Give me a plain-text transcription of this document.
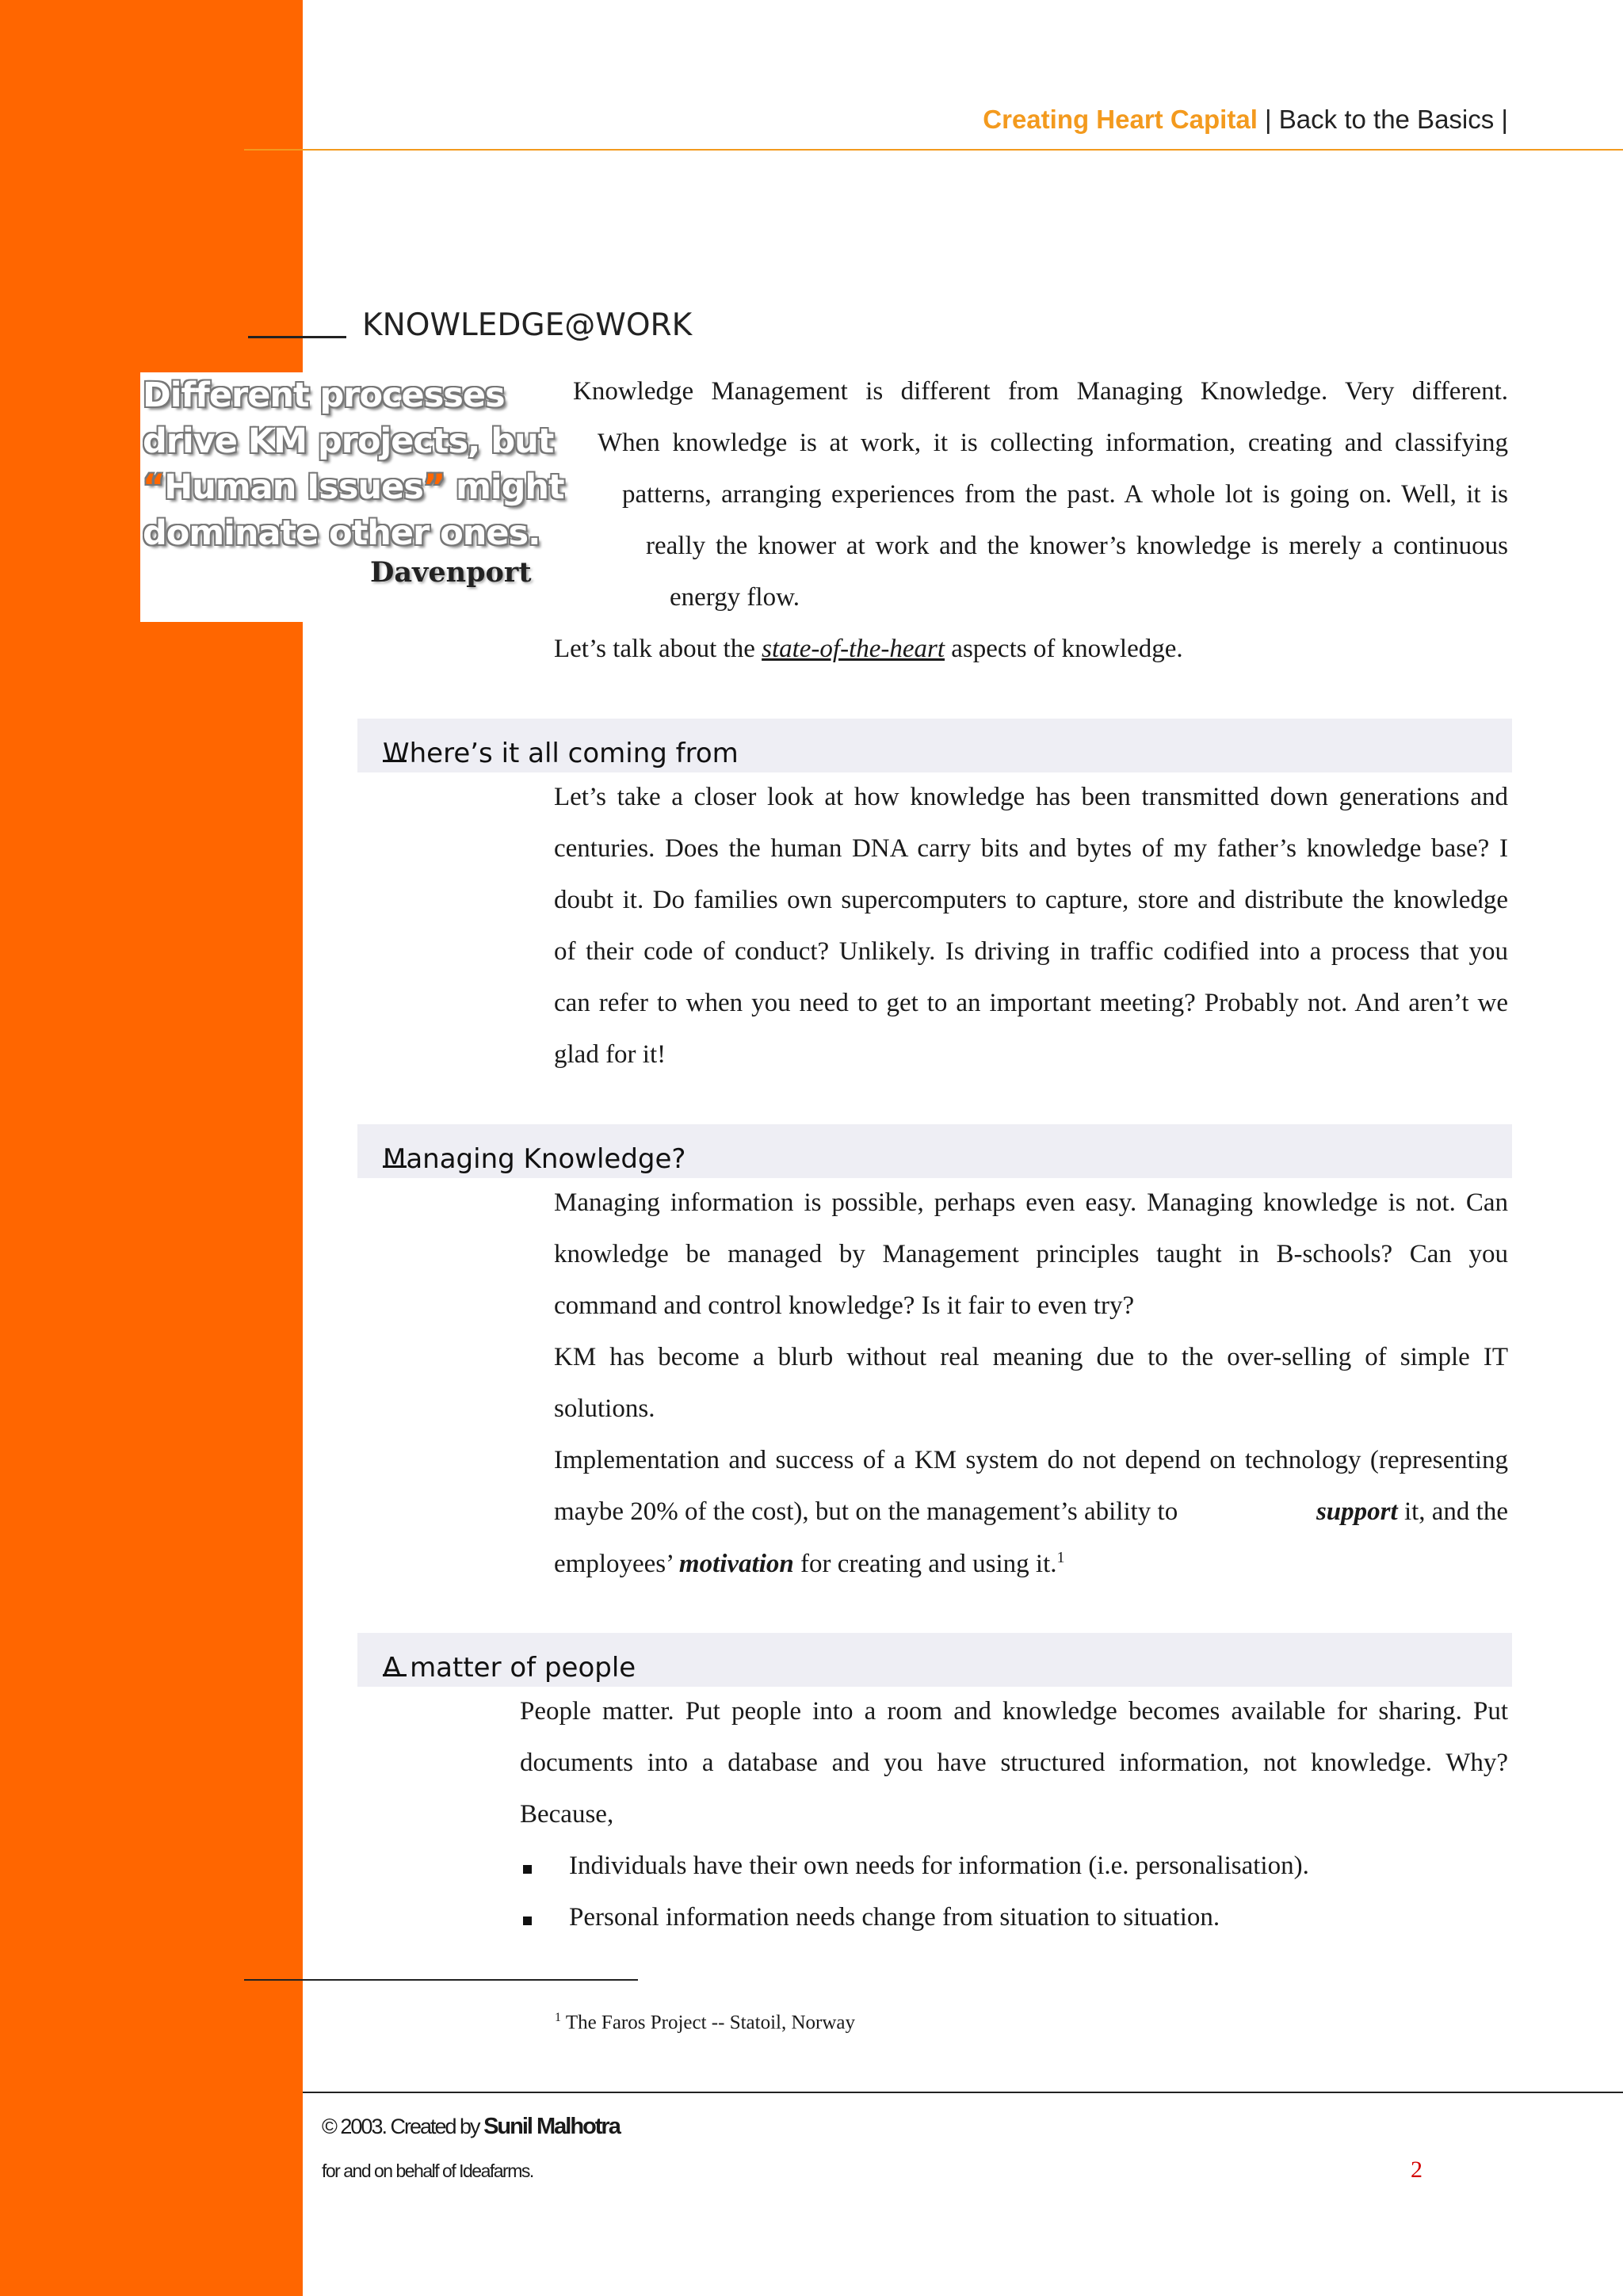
Creating Heart Capital | Back to the Basics |
KNOWLEDGE@WORK
Different processes
drive KM projects, but
“Human Issues” might
dominate other ones.
Davenport
Knowledge Management is different from Managing Knowledge. Very different.
When knowledge is at work, it is collecting information, creating and classifying
patterns, arranging experiences from the past. A whole lot is going on. Well, it is
really the knower at work and the knower’s knowledge is merely a continuous
energy flow.
Let’s talk about the state-of-the-heart aspects of knowledge.
Where’s it all coming from
Let’s take a closer look at how knowledge has been transmitted down generations and
centuries. Does the human DNA carry bits and bytes of my father’s knowledge base? I
doubt it. Do families own supercomputers to capture, store and distribute the knowledge
of their code of conduct? Unlikely. Is driving in traffic codified into a process that you
can refer to when you need to get to an important meeting? Probably not. And aren’t we
glad for it!
Managing Knowledge?
Managing information is possible, perhaps even easy. Managing knowledge is not. Can
knowledge be managed by Management principles taught in B-schools? Can you
command and control knowledge? Is it fair to even try?
KM has become a blurb without real meaning due to the over-selling of simple IT
solutions.
Implementation and success of a KM system do not depend on technology (representing
maybe 20% of the cost), but on the management’s ability to	support it, and the
employees’ motivation for creating and using it.$^1$
A matter of people
People matter. Put people into a room and knowledge becomes available for sharing. Put
documents into a database and you have structured information, not knowledge. Why?
Because,
Individuals have their own needs for information (i.e. personalisation).
Personal information needs change from situation to situation.
$^1$ The Faros Project -- Statoil, Norway
© 2003. Created by Sunil Malhotra
for and on behalf of Ideafarms.	2
